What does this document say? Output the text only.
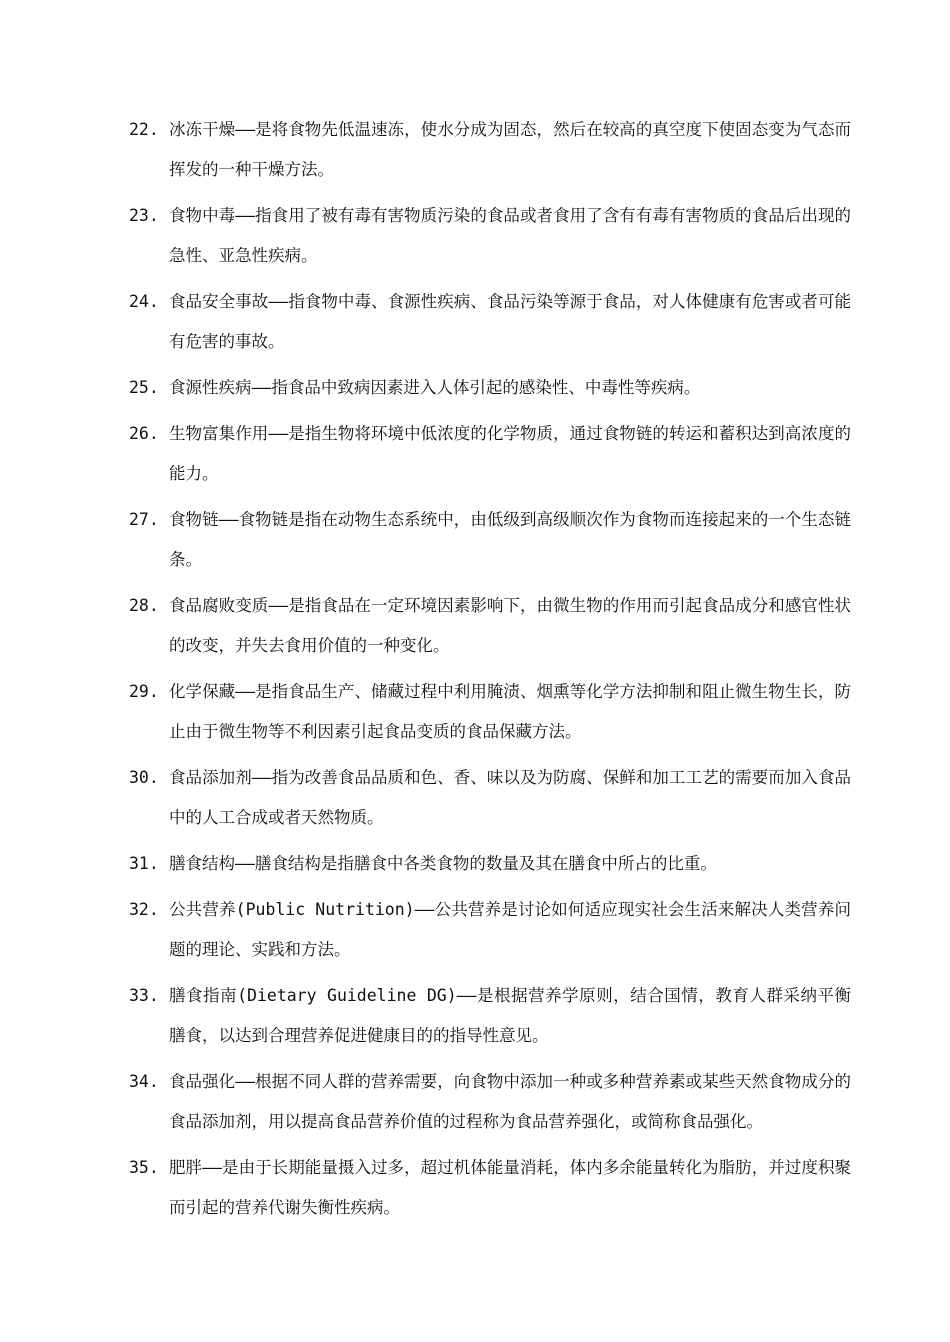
22. 冰冻干燥——是将食物先低温速冻，使水分成为固态，然后在较高的真空度下使固态变为气态而挥发的一种干燥方法。
23. 食物中毒——指食用了被有毒有害物质污染的食品或者食用了含有有毒有害物质的食品后出现的急性、亚急性疾病。
24. 食品安全事故——指食物中毒、食源性疾病、食品污染等源于食品，对人体健康有危害或者可能有危害的事故。
25. 食源性疾病——指食品中致病因素进入人体引起的感染性、中毒性等疾病。
26. 生物富集作用——是指生物将环境中低浓度的化学物质，通过食物链的转运和蓄积达到高浓度的能力。
27. 食物链——食物链是指在动物生态系统中，由低级到高级顺次作为食物而连接起来的一个生态链条。
28. 食品腐败变质——是指食品在一定环境因素影响下，由微生物的作用而引起食品成分和感官性状的改变，并失去食用价值的一种变化。
29. 化学保藏——是指食品生产、储藏过程中利用腌渍、烟熏等化学方法抑制和阻止微生物生长，防止由于微生物等不利因素引起食品变质的食品保藏方法。
30. 食品添加剂——指为改善食品品质和色、香、味以及为防腐、保鲜和加工工艺的需要而加入食品中的人工合成或者天然物质。
31. 膳食结构——膳食结构是指膳食中各类食物的数量及其在膳食中所占的比重。
32. 公共营养(Public Nutrition)——公共营养是讨论如何适应现实社会生活来解决人类营养问题的理论、实践和方法。
33. 膳食指南(Dietary Guideline DG)——是根据营养学原则，结合国情，教育人群采纳平衡膳食，以达到合理营养促进健康目的的指导性意见。
34. 食品强化——根据不同人群的营养需要，向食物中添加一种或多种营养素或某些天然食物成分的食品添加剂，用以提高食品营养价值的过程称为食品营养强化，或简称食品强化。
35. 肥胖——是由于长期能量摄入过多，超过机体能量消耗，体内多余能量转化为脂肪，并过度积聚而引起的营养代谢失衡性疾病。
